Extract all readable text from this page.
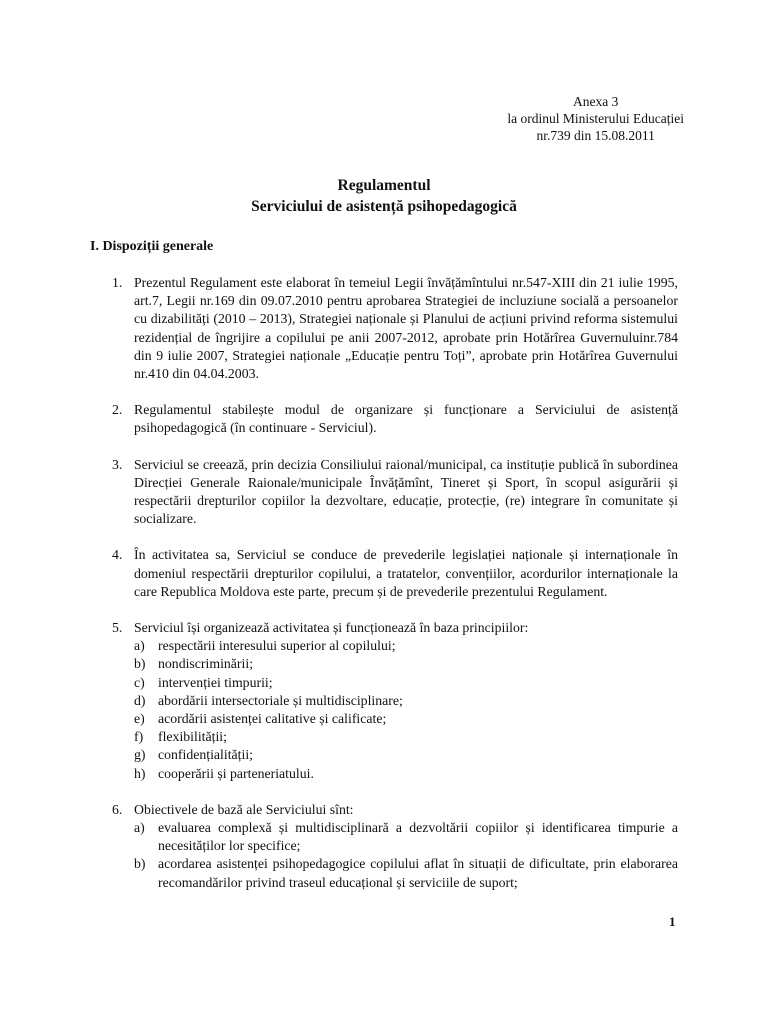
Anexa 3
la ordinul Ministerului Educației
nr.739 din 15.08.2011
Regulamentul
Serviciului de asistență psihopedagogică
I. Dispoziții generale
1. Prezentul Regulament este elaborat în temeiul Legii învățămîntului nr.547-XIII din 21 iulie 1995, art.7, Legii nr.169 din 09.07.2010 pentru aprobarea Strategiei de incluziune socială a persoanelor cu dizabilități (2010 – 2013), Strategiei naționale și Planului de acțiuni privind reforma sistemului rezidențial de îngrijire a copilului pe anii 2007-2012, aprobate prin Hotărîrea Guvernuluinr.784 din 9 iulie 2007, Strategiei naționale „Educație pentru Toți”, aprobate prin Hotărîrea Guvernului nr.410 din 04.04.2003.
2. Regulamentul stabilește modul de organizare și funcționare a Serviciului de asistență psihopedagogică (în continuare - Serviciul).
3. Serviciul se creează, prin decizia Consiliului raional/municipal, ca instituție publică în subordinea Direcției Generale Raionale/municipale Învățămînt, Tineret și Sport, în scopul asigurării și respectării drepturilor copiilor la dezvoltare, educație, protecție, (re) integrare în comunitate și socializare.
4. În activitatea sa, Serviciul se conduce de prevederile legislației naționale și internaționale în domeniul respectării drepturilor copilului, a tratatelor, convențiilor, acordurilor internaționale la care Republica Moldova este parte, precum și de prevederile prezentului Regulament.
5. Serviciul își organizează activitatea și funcționează în baza principiilor:
a) respectării interesului superior al copilului;
b) nondiscriminării;
c) intervenției timpurii;
d) abordării intersectoriale și multidisciplinare;
e) acordării asistenței calitative și calificate;
f) flexibilității;
g) confidențialității;
h) cooperării și parteneriatului.
6. Obiectivele de bază ale Serviciului sînt:
a) evaluarea complexă și multidisciplinară a dezvoltării copiilor și identificarea timpurie a necesităților lor specifice;
b) acordarea asistenței psihopedagogice copilului aflat în situații de dificultate, prin elaborarea recomandărilor privind traseul educațional și serviciile de suport;
1
